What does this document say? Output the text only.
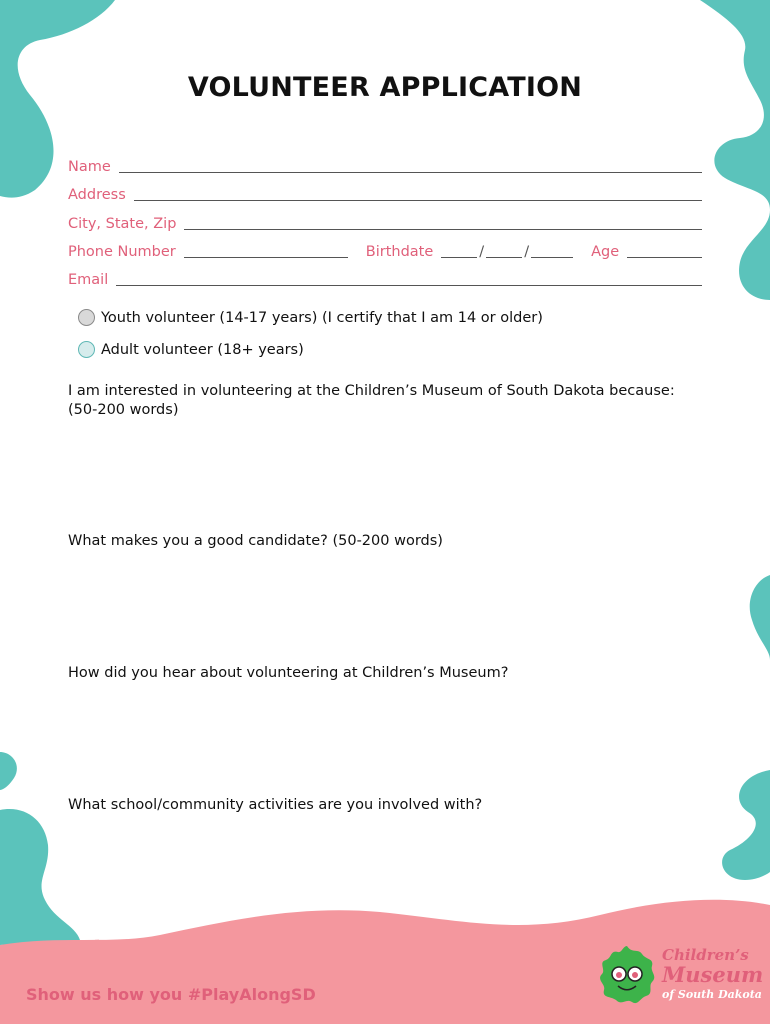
VOLUNTEER APPLICATION
Name
Address
City, State, Zip
Phone Number	Birthdate	/	/	Age
Email
Youth volunteer (14-17 years) (I certify that I am 14 or older)
Adult volunteer (18+ years)
I am interested in volunteering at the Children’s Museum of South Dakota because: (50-200 words)
What makes you a good candidate? (50-200 words)
How did you hear about volunteering at Children’s Museum?
What school/community activities are you involved with?
Show us how you #PlayAlongSD
Children’s
Museum
of South Dakota
